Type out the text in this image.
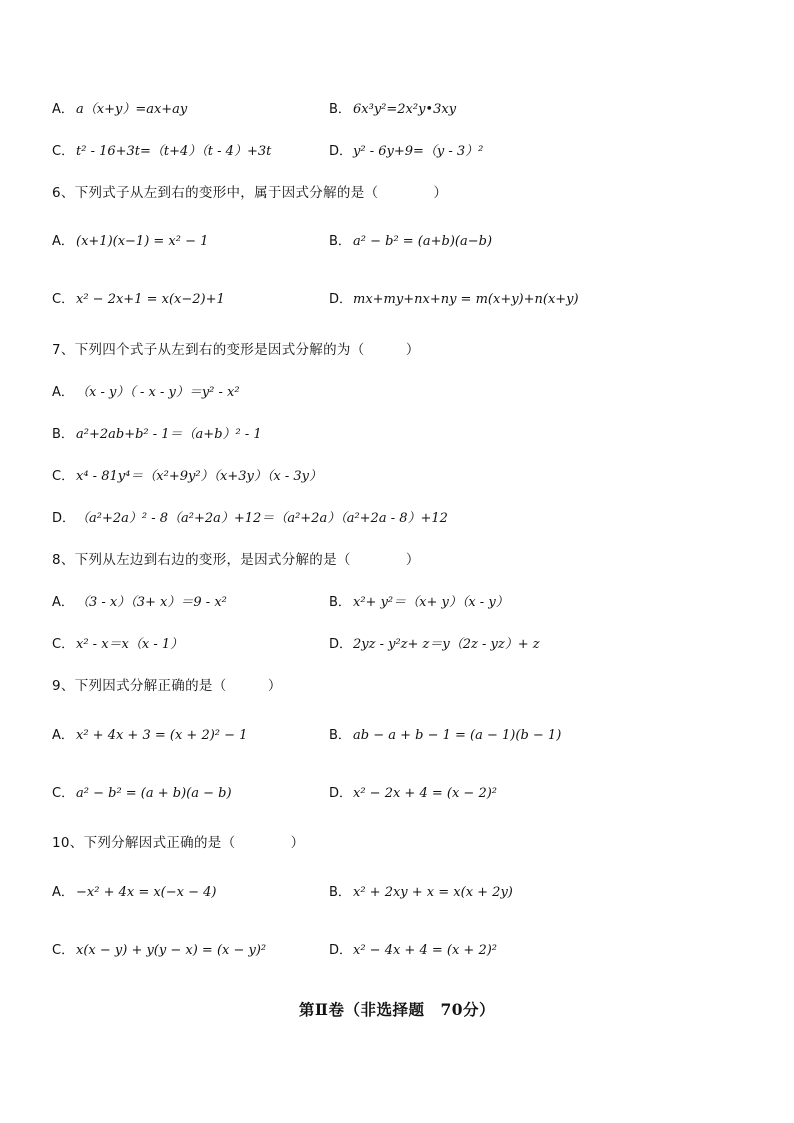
A． a（x+y）=ax+ay	B． 6x³y²=2x²y•3xy
C． t² - 16+3t=（t+4）（t - 4）+3t	D． y² - 6y+9=（y - 3）²
6、下列式子从左到右的变形中，属于因式分解的是（　　　　）
A． (x+1)(x−1) = x² − 1	B． a² − b² = (a+b)(a−b)
C． x² − 2x+1 = x(x−2)+1	D． mx+my+nx+ny = m(x+y)+n(x+y)
7、下列四个式子从左到右的变形是因式分解的为（　　　）
A． （x - y）（ - x - y）＝y² - x²
B． a²+2ab+b² - 1＝（a+b）² - 1
C． x⁴ - 81y⁴＝（x²+9y²）（x+3y）（x - 3y）
D． （a²+2a）² - 8（a²+2a）+12＝（a²+2a）（a²+2a - 8）+12
8、下列从左边到右边的变形，是因式分解的是（　　　　）
A． （3 - x）（3+ x）＝9 - x²	B． x²+ y²＝（x+ y）（x - y）
C． x² - x＝x（x - 1）	D． 2yz - y²z+ z＝y（2z - yz）+ z
9、下列因式分解正确的是（　　　）
A． x² + 4x + 3 = (x + 2)² − 1	B． ab − a + b − 1 = (a − 1)(b − 1)
C． a² − b² = (a + b)(a − b)	D． x² − 2x + 4 = (x − 2)²
10、下列分解因式正确的是（　　　　）
A． −x² + 4x = x(−x − 4)	B． x² + 2xy + x = x(x + 2y)
C． x(x − y) + y(y − x) = (x − y)²	D． x² − 4x + 4 = (x + 2)²
第Ⅱ卷（非选择题　70分）
